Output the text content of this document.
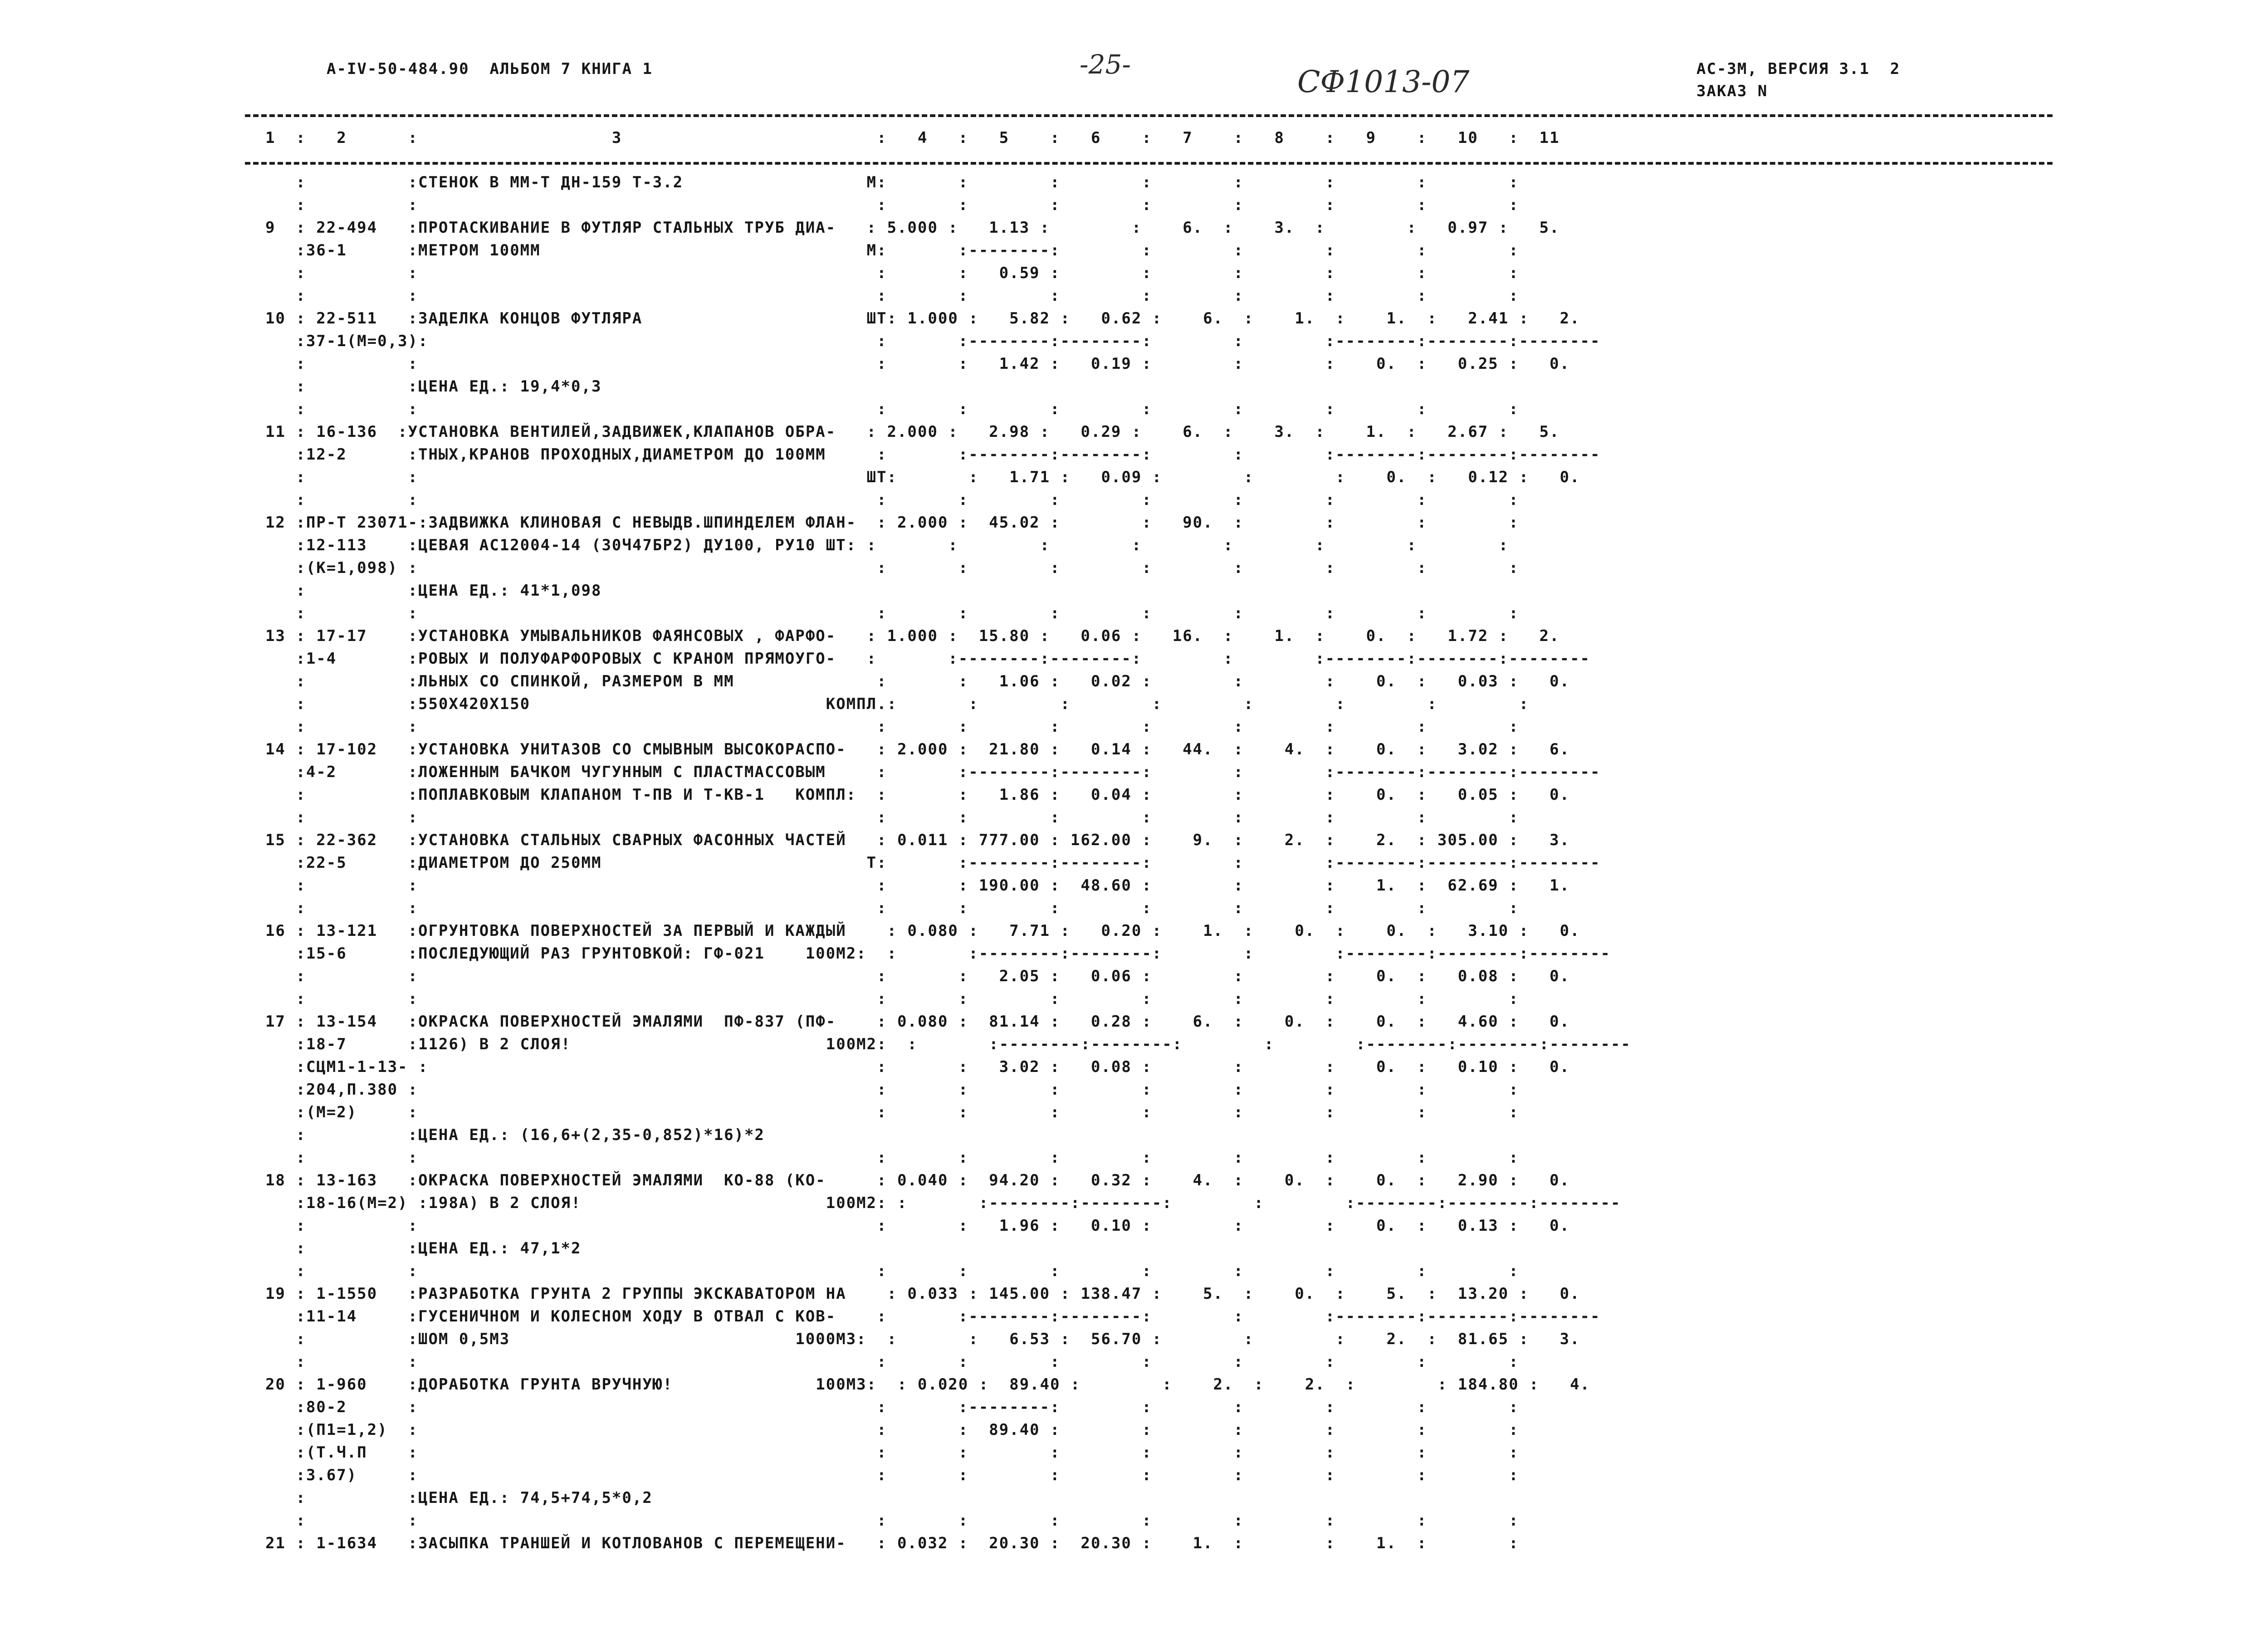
А-IV-50-484.90  АЛЬБОМ 7 КНИГА 1	-25-	СФ1013-07	АС-3М, ВЕРСИЯ 3.1  2
ЗАКАЗ N
1  :   2      :                   3                         :   4   :   5    :   6    :   7    :   8    :   9    :   10   :  11
:          :СТЕНОК В ММ-Т ДН-159 Т-3.2                  М:       :        :        :        :        :        :        :
:          :                                             :       :        :        :        :        :        :        :
9  : 22-494   :ПРОТАСКИВАНИЕ В ФУТЛЯР СТАЛЬНЫХ ТРУБ ДИА-   : 5.000 :   1.13 :        :    6.  :    3.  :        :   0.97 :   5.
:36-1      :МЕТРОМ 100ММ                                М:       :--------:        :        :        :        :        :
:          :                                             :       :   0.59 :        :        :        :        :        :
:          :                                             :       :        :        :        :        :        :        :
10 : 22-511   :ЗАДЕЛКА КОНЦОВ ФУТЛЯРА                      ШТ: 1.000 :   5.82 :   0.62 :    6.  :    1.  :    1.  :   2.41 :   2.
:37-1(М=0,3):                                            :       :--------:--------:        :        :--------:--------:--------
:          :                                             :       :   1.42 :   0.19 :        :        :    0.  :   0.25 :   0.
:          :ЦЕНА ЕД.: 19,4*0,3
:          :                                             :       :        :        :        :        :        :        :
11 : 16-136  :УСТАНОВКА ВЕНТИЛЕЙ,ЗАДВИЖЕК,КЛАПАНОВ ОБРА-   : 2.000 :   2.98 :   0.29 :    6.  :    3.  :    1.  :   2.67 :   5.
:12-2      :ТНЫХ,КРАНОВ ПРОХОДНЫХ,ДИАМЕТРОМ ДО 100ММ     :       :--------:--------:        :        :--------:--------:--------
:          :                                            ШТ:       :   1.71 :   0.09 :        :        :    0.  :   0.12 :   0.
:          :                                             :       :        :        :        :        :        :        :
12 :ПР-Т 23071-:ЗАДВИЖКА КЛИНОВАЯ С НЕВЫДВ.ШПИНДЕЛЕМ ФЛАН-  : 2.000 :  45.02 :        :   90.  :        :        :        :
:12-113    :ЦЕВАЯ АС12004-14 (30Ч47БР2) ДУ100, РУ10 ШТ: :       :        :        :        :        :        :        :
:(К=1,098) :                                             :       :        :        :        :        :        :        :
:          :ЦЕНА ЕД.: 41*1,098
:          :                                             :       :        :        :        :        :        :        :
13 : 17-17    :УСТАНОВКА УМЫВАЛЬНИКОВ ФАЯНСОВЫХ , ФАРФО-   : 1.000 :  15.80 :   0.06 :   16.  :    1.  :    0.  :   1.72 :   2.
:1-4       :РОВЫХ И ПОЛУФАРФОРОВЫХ С КРАНОМ ПРЯМОУГО-   :       :--------:--------:        :        :--------:--------:--------
:          :ЛЬНЫХ СО СПИНКОЙ, РАЗМЕРОМ В ММ              :       :   1.06 :   0.02 :        :        :    0.  :   0.03 :   0.
:          :550Х420Х150                             КОМПЛ.:       :        :        :        :        :        :        :
:          :                                             :       :        :        :        :        :        :        :
14 : 17-102   :УСТАНОВКА УНИТАЗОВ СО СМЫВНЫМ ВЫСОКОРАСПО-   : 2.000 :  21.80 :   0.14 :   44.  :    4.  :    0.  :   3.02 :   6.
:4-2       :ЛОЖЕННЫМ БАЧКОМ ЧУГУННЫМ С ПЛАСТМАССОВЫМ     :       :--------:--------:        :        :--------:--------:--------
:          :ПОПЛАВКОВЫМ КЛАПАНОМ Т-ПВ И Т-КВ-1   КОМПЛ:  :       :   1.86 :   0.04 :        :        :    0.  :   0.05 :   0.
:          :                                             :       :        :        :        :        :        :        :
15 : 22-362   :УСТАНОВКА СТАЛЬНЫХ СВАРНЫХ ФАСОННЫХ ЧАСТЕЙ   : 0.011 : 777.00 : 162.00 :    9.  :    2.  :    2.  : 305.00 :   3.
:22-5      :ДИАМЕТРОМ ДО 250ММ                          Т:       :--------:--------:        :        :--------:--------:--------
:          :                                             :       : 190.00 :  48.60 :        :        :    1.  :  62.69 :   1.
:          :                                             :       :        :        :        :        :        :        :
16 : 13-121   :ОГРУНТОВКА ПОВЕРХНОСТЕЙ ЗА ПЕРВЫЙ И КАЖДЫЙ    : 0.080 :   7.71 :   0.20 :    1.  :    0.  :    0.  :   3.10 :   0.
:15-6      :ПОСЛЕДУЮЩИЙ РАЗ ГРУНТОВКОЙ: ГФ-021    100М2:  :       :--------:--------:        :        :--------:--------:--------
:          :                                             :       :   2.05 :   0.06 :        :        :    0.  :   0.08 :   0.
:          :                                             :       :        :        :        :        :        :        :
17 : 13-154   :ОКРАСКА ПОВЕРХНОСТЕЙ ЭМАЛЯМИ  ПФ-837 (ПФ-    : 0.080 :  81.14 :   0.28 :    6.  :    0.  :    0.  :   4.60 :   0.
:18-7      :1126) В 2 СЛОЯ!                         100М2:  :       :--------:--------:        :        :--------:--------:--------
:СЦМ1-1-13- :                                            :       :   3.02 :   0.08 :        :        :    0.  :   0.10 :   0.
:204,П.380 :                                             :       :        :        :        :        :        :        :
:(М=2)     :                                             :       :        :        :        :        :        :        :
:          :ЦЕНА ЕД.: (16,6+(2,35-0,852)*16)*2
:          :                                             :       :        :        :        :        :        :        :
18 : 13-163   :ОКРАСКА ПОВЕРХНОСТЕЙ ЭМАЛЯМИ  КО-88 (КО-     : 0.040 :  94.20 :   0.32 :    4.  :    0.  :    0.  :   2.90 :   0.
:18-16(М=2) :198А) В 2 СЛОЯ!                        100М2: :       :--------:--------:        :        :--------:--------:--------
:          :                                             :       :   1.96 :   0.10 :        :        :    0.  :   0.13 :   0.
:          :ЦЕНА ЕД.: 47,1*2
:          :                                             :       :        :        :        :        :        :        :
19 : 1-1550   :РАЗРАБОТКА ГРУНТА 2 ГРУППЫ ЭКСКАВАТОРОМ НА    : 0.033 : 145.00 : 138.47 :    5.  :    0.  :    5.  :  13.20 :   0.
:11-14     :ГУСЕНИЧНОМ И КОЛЕСНОМ ХОДУ В ОТВАЛ С КОВ-    :       :--------:--------:        :        :--------:--------:--------
:          :ШОМ 0,5М3                            1000М3:  :       :   6.53 :  56.70 :        :        :    2.  :  81.65 :   3.
:          :                                             :       :        :        :        :        :        :        :
20 : 1-960    :ДОРАБОТКА ГРУНТА ВРУЧНУЮ!              100М3:  : 0.020 :  89.40 :        :    2.  :    2.  :        : 184.80 :   4.
:80-2      :                                             :       :--------:        :        :        :        :        :
:(П1=1,2)  :                                             :       :  89.40 :        :        :        :        :        :
:(Т.Ч.П    :                                             :       :        :        :        :        :        :        :
:3.67)     :                                             :       :        :        :        :        :        :        :
:          :ЦЕНА ЕД.: 74,5+74,5*0,2
:          :                                             :       :        :        :        :        :        :        :
21 : 1-1634   :ЗАСЫПКА ТРАНШЕЙ И КОТЛОВАНОВ С ПЕРЕМЕЩЕНИ-   : 0.032 :  20.30 :  20.30 :    1.  :        :    1.  :        :
